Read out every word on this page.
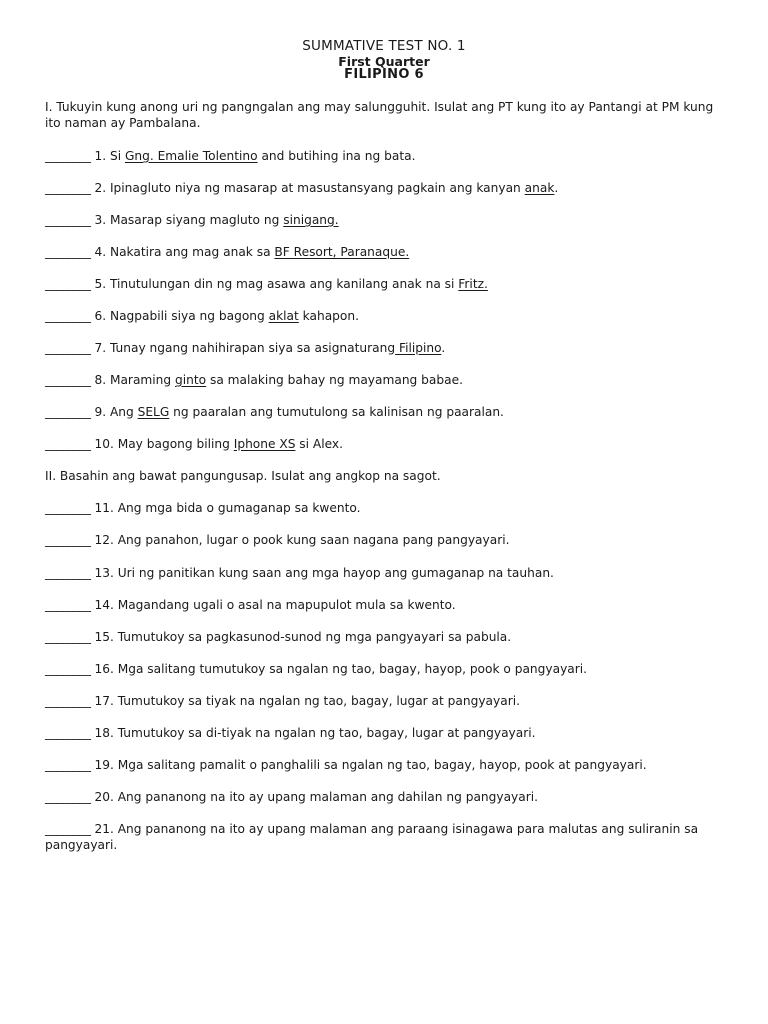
SUMMATIVE TEST NO. 1
First Quarter
FILIPINO 6
I. Tukuyin kung anong uri ng pangngalan ang may salungguhit. Isulat ang PT kung ito ay Pantangi at PM kung ito naman ay Pambalana.
________ 1. Si Gng. Emalie Tolentino and butihing ina ng bata.
________ 2. Ipinagluto niya ng masarap at masustansyang pagkain ang kanyan anak.
________ 3. Masarap siyang magluto ng sinigang.
________ 4. Nakatira ang mag anak sa BF Resort, Paranaque.
________ 5. Tinutulungan din ng mag asawa ang kanilang anak na si Fritz.
________ 6. Nagpabili siya ng bagong aklat kahapon.
________ 7. Tunay ngang nahihirapan siya sa asignaturang Filipino.
________ 8. Maraming ginto sa malaking bahay ng mayamang babae.
________ 9. Ang SELG ng paaralan ang tumutulong sa kalinisan ng paaralan.
________ 10. May bagong biling Iphone XS si Alex.
II. Basahin ang bawat pangungusap. Isulat ang angkop na sagot.
________ 11. Ang mga bida o gumaganap sa kwento.
________ 12. Ang panahon, lugar o pook kung saan nagana pang pangyayari.
________ 13. Uri ng panitikan kung saan ang mga hayop ang gumaganap na tauhan.
________ 14. Magandang ugali o asal na mapupulot mula sa kwento.
________ 15. Tumutukoy sa pagkasunod-sunod ng mga pangyayari sa pabula.
________ 16. Mga salitang tumutukoy sa ngalan ng tao, bagay, hayop, pook o pangyayari.
________ 17. Tumutukoy sa tiyak na ngalan ng tao, bagay, lugar at pangyayari.
________ 18. Tumutukoy sa di-tiyak na ngalan ng tao, bagay, lugar at pangyayari.
________ 19. Mga salitang pamalit o panghalili sa ngalan ng tao, bagay, hayop, pook at pangyayari.
________ 20. Ang pananong na ito ay upang malaman ang dahilan ng pangyayari.
________ 21. Ang pananong na ito ay upang malaman ang paraang isinagawa para malutas ang suliranin sa pangyayari.
